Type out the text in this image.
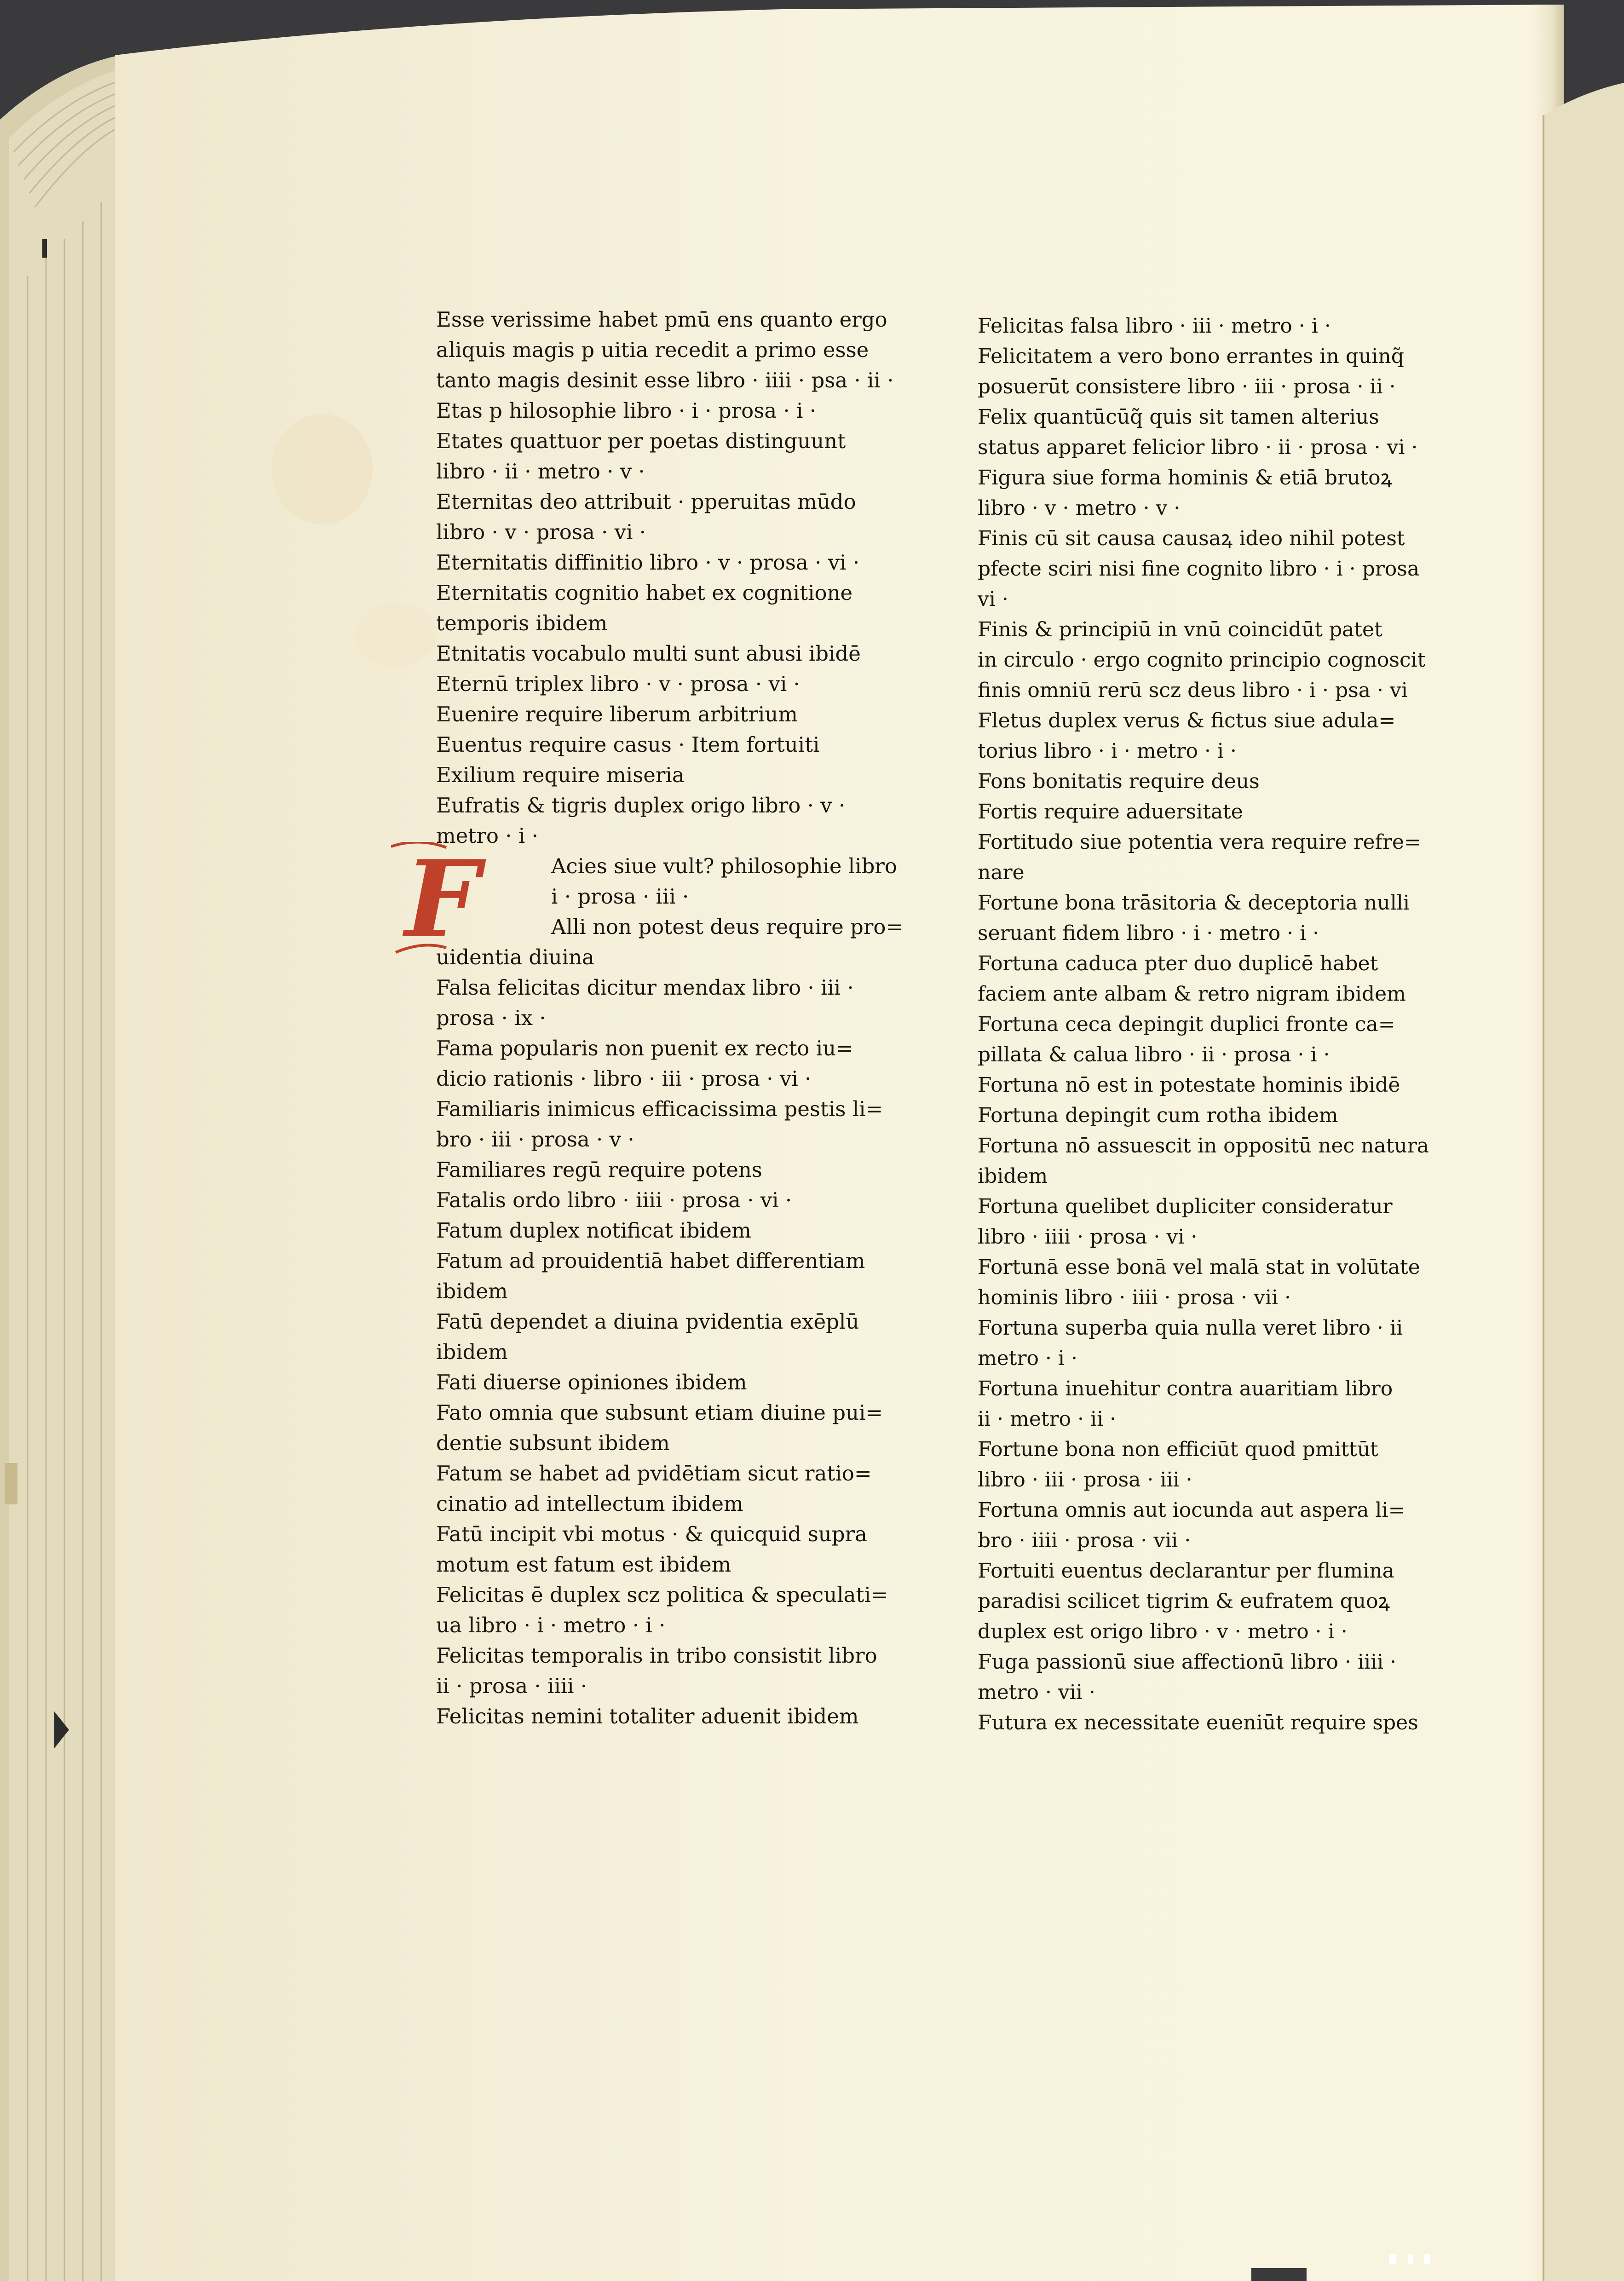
F
Esse verissime habet pmū ens quanto ergo
aliquis magis p uitia recedit a primo esse
tanto magis desinit esse libro · iiii · psa · ii ·
Etas p hilosophie libro · i · prosa · i ·
Etates quattuor per poetas distinguunt
libro · ii · metro · v ·
Eternitas deo attribuit · pperuitas mūdo
libro · v · prosa · vi ·
Eternitatis diffinitio libro · v · prosa · vi ·
Eternitatis cognitio habet ex cognitione
temporis ibidem
Etnitatis vocabulo multi sunt abusi ibidē
Eternū triplex libro · v · prosa · vi ·
Euenire require liberum arbitrium
Euentus require casus · Item fortuiti
Exilium require miseria
Eufratis & tigris duplex origo libro · v ·
metro · i ·
Acies siue vult? philosophie libro
i · prosa · iii ·
Alli non potest deus require pro=
uidentia diuina
Falsa felicitas dicitur mendax libro · iii ·
prosa · ix ·
Fama popularis non puenit ex recto iu=
dicio rationis · libro · iii · prosa · vi ·
Familiaris inimicus efficacissima pestis li=
bro · iii · prosa · v ·
Familiares regū require potens
Fatalis ordo libro · iiii · prosa · vi ·
Fatum duplex notificat ibidem
Fatum ad prouidentiā habet differentiam
ibidem
Fatū dependet a diuina pvidentia exēplū
ibidem
Fati diuerse opiniones ibidem
Fato omnia que subsunt etiam diuine pui=
dentie subsunt ibidem
Fatum se habet ad pvidētiam sicut ratio=
cinatio ad intellectum ibidem
Fatū incipit vbi motus · & quicquid supra
motum est fatum est ibidem
Felicitas ē duplex scz politica & speculati=
ua libro · i · metro · i ·
Felicitas temporalis in tribo consistit libro
ii · prosa · iiii ·
Felicitas nemini totaliter aduenit ibidem
Felicitas falsa libro · iii · metro · i ·
Felicitatem a vero bono errantes in quinq̃
posuerūt consistere libro · iii · prosa · ii ·
Felix quantūcūq̃ quis sit tamen alterius
status apparet felicior libro · ii · prosa · vi ·
Figura siue forma hominis & etiā brutoꝝ
libro · v · metro · v ·
Finis cū sit causa causaꝝ ideo nihil potest
pfecte sciri nisi fine cognito libro · i · prosa
vi ·
Finis & principiū in vnū coincidūt patet
in circulo · ergo cognito principio cognoscit
finis omniū rerū scz deus libro · i · psa · vi
Fletus duplex verus & fictus siue adula=
torius libro · i · metro · i ·
Fons bonitatis require deus
Fortis require aduersitate
Fortitudo siue potentia vera require refre=
nare
Fortune bona trāsitoria & deceptoria nulli
seruant fidem libro · i · metro · i ·
Fortuna caduca pter duo duplicē habet
faciem ante albam & retro nigram ibidem
Fortuna ceca depingit duplici fronte ca=
pillata & calua libro · ii · prosa · i ·
Fortuna nō est in potestate hominis ibidē
Fortuna depingit cum rotha ibidem
Fortuna nō assuescit in oppositū nec natura
ibidem
Fortuna quelibet dupliciter consideratur
libro · iiii · prosa · vi ·
Fortunā esse bonā vel malā stat in volūtate
hominis libro · iiii · prosa · vii ·
Fortuna superba quia nulla veret libro · ii
metro · i ·
Fortuna inuehitur contra auaritiam libro
ii · metro · ii ·
Fortune bona non efficiūt quod pmittūt
libro · iii · prosa · iii ·
Fortuna omnis aut iocunda aut aspera li=
bro · iiii · prosa · vii ·
Fortuiti euentus declarantur per flumina
paradisi scilicet tigrim & eufratem quoꝝ
duplex est origo libro · v · metro · i ·
Fuga passionū siue affectionū libro · iiii ·
metro · vii ·
Futura ex necessitate eueniūt require spes
